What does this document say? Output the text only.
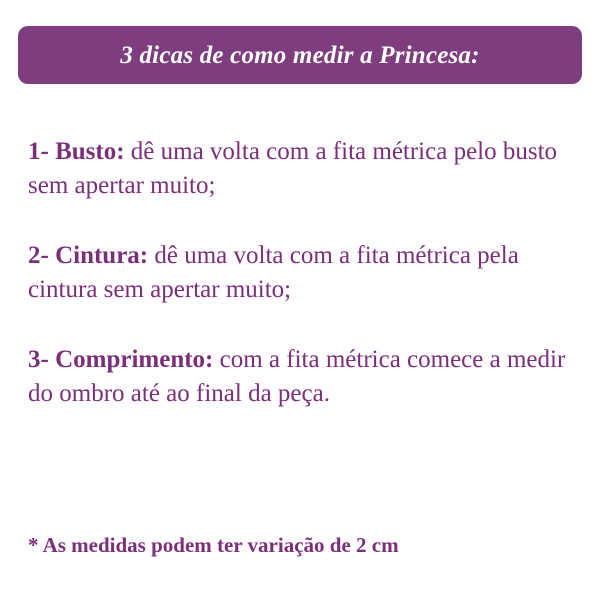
3 dicas de como medir a Princesa:

1- Busto: dê uma volta com a fita métrica pelo busto sem apertar muito;

2- Cintura: dê uma volta com a fita métrica pela cintura sem apertar muito;

3- Comprimento: com a fita métrica comece a medir do ombro até ao final da peça.

* As medidas podem ter variação de 2 cm
